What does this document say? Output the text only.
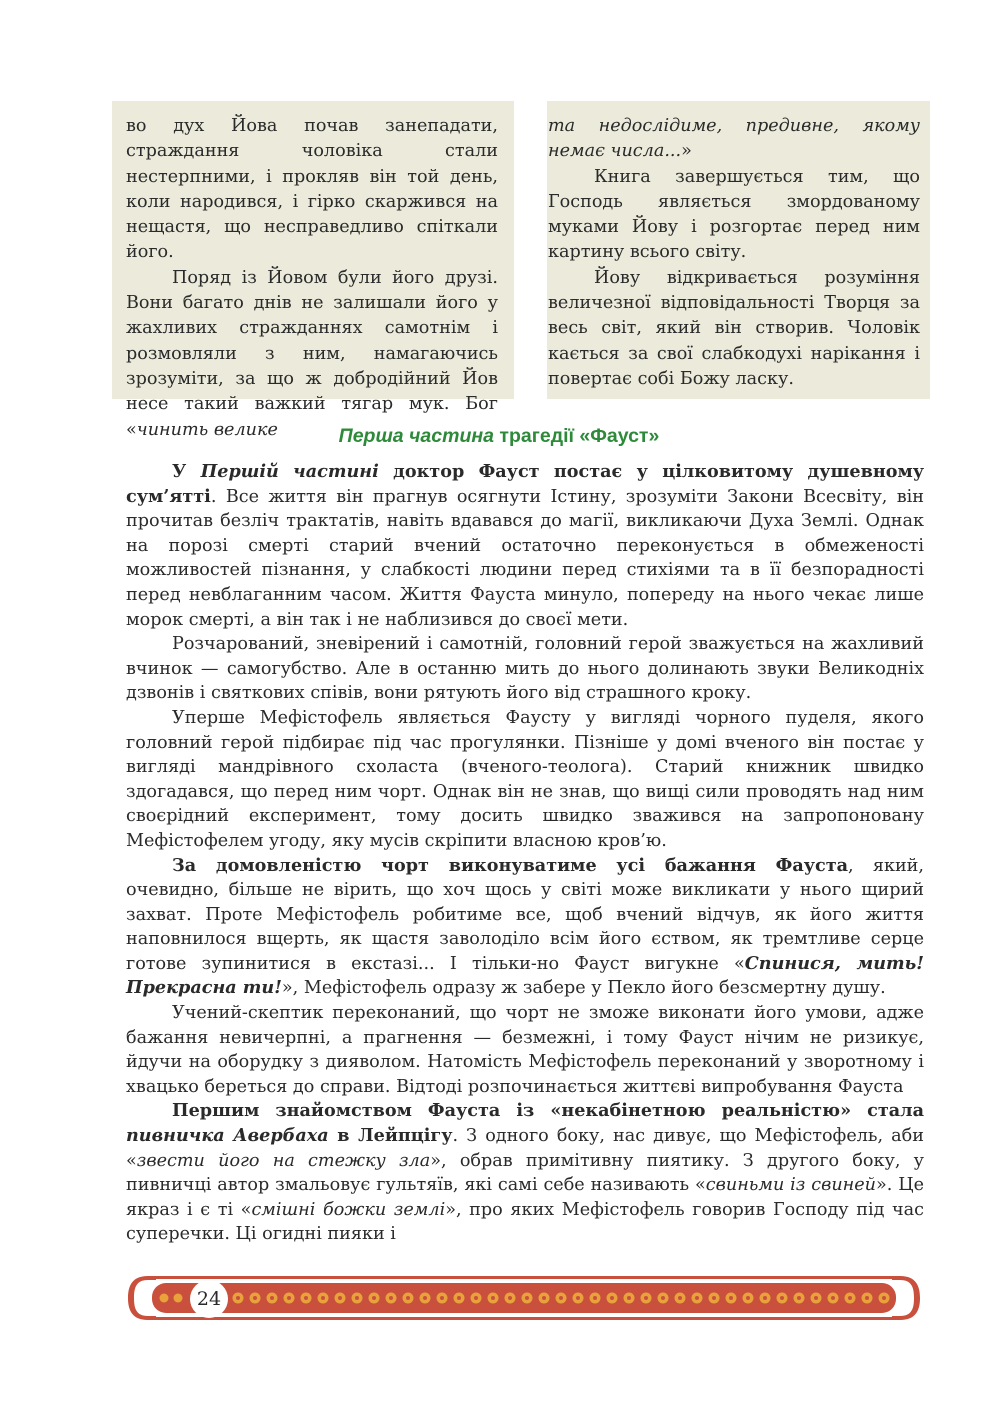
во дух Йова почав занепадати, страждання чоловіка стали нестерпними, і прокляв він той день, коли народився, і гірко скаржився на нещастя, що несправедливо спіткали його.

Поряд із Йовом були його друзі. Вони багато днів не залишали його у жахливих стражданнях самотнім і розмовляли з ним, намагаючись зрозуміти, за що ж добродійний Йов несе такий важкий тягар мук. Бог «чинить велике

та недослідиме, предивне, якому немає числа...»

Книга завершується тим, що Господь являється змордованому муками Йову і розгортає перед ним картину всього світу.

Йову відкривається розуміння величезної відповідальності Творця за весь світ, який він створив. Чоловік кається за свої слабкодухі нарікання і повертає собі Божу ласку.

Перша частина трагедії «Фауст»

У Першій частині доктор Фауст постає у цілковитому душевному сум’ятті. Все життя він прагнув осягнути Істину, зрозуміти Закони Всесвіту, він прочитав безліч трактатів, навіть вдавався до магії, викликаючи Духа Землі. Однак на порозі смерті старий вчений остаточно переконується в обмеженості можливостей пізнання, у слабкості людини перед стихіями та в її безпорадності перед невблаганним часом. Життя Фауста минуло, попереду на нього чекає лише морок смерті, а він так і не наблизився до своєї мети.

Розчарований, зневірений і самотній, головний герой зважується на жахливий вчинок — самогубство. Але в останню мить до нього долинають звуки Великодніх дзвонів і святкових співів, вони рятують його від страшного кроку.

Уперше Мефістофель являється Фаусту у вигляді чорного пуделя, якого головний герой підбирає під час прогулянки. Пізніше у домі вченого він постає у вигляді мандрівного схоласта (вченого-теолога). Старий книжник швидко здогадався, що перед ним чорт. Однак він не знав, що вищі сили проводять над ним своєрідний експеримент, тому досить швидко зважився на запропоновану Мефістофелем угоду, яку мусів скріпити власною кров’ю.

За домовленістю чорт виконуватиме усі бажання Фауста, який, очевидно, більше не вірить, що хоч щось у світі може викликати у нього щирий захват. Проте Мефістофель робитиме все, щоб вчений відчув, як його життя наповнилося вщерть, як щастя заволоділо всім його єством, як тремтливе серце готове зупинитися в екстазі... І тільки-но Фауст вигукне «Спинися, мить! Прекрасна ти!», Мефістофель одразу ж забере у Пекло його безсмертну душу.

Учений-скептик переконаний, що чорт не зможе виконати його умови, адже бажання невичерпні, а прагнення — безмежні, і тому Фауст нічим не ризикує, йдучи на оборудку з дияволом. Натомість Мефістофель переконаний у зворотному і хвацько береться до справи. Відтоді розпочинається життєві випробування Фауста

Першим знайомством Фауста із «некабінетною реальністю» стала пивничка Авербаха в Лейпцігу. З одного боку, нас дивує, що Мефістофель, аби «звести його на стежку зла», обрав примітивну пиятику. З другого боку, у пивничці автор змальовує гультяїв, які самі себе називають «свиньми із свиней». Це якраз і є ті «смішні божки землі», про яких Мефістофель говорив Господу під час суперечки. Ці огидні пияки і

24
